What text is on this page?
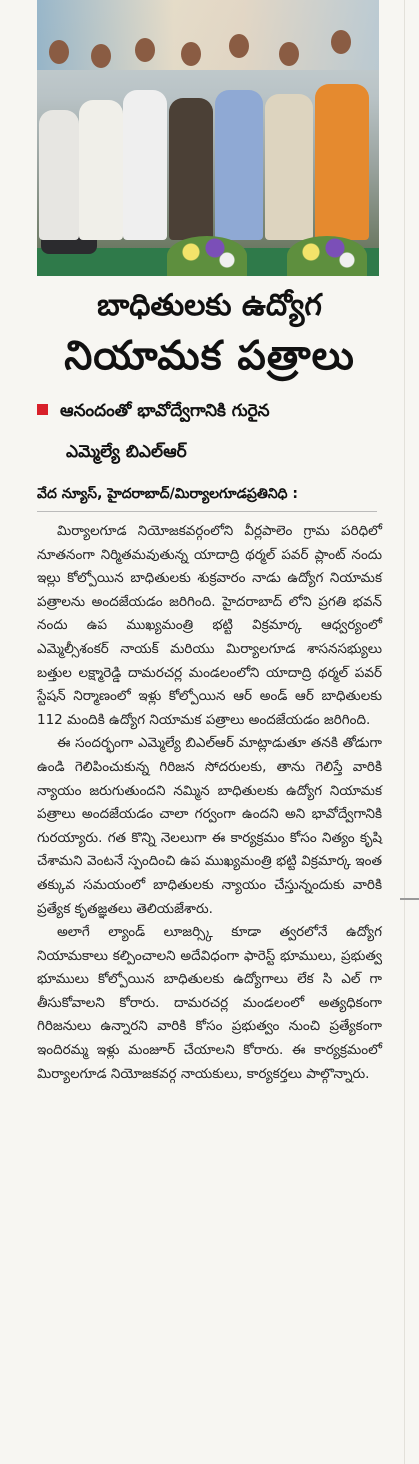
బాధితులకు ఉద్యోగ
నియామక పత్రాలు
ఆనందంతో భావోద్వేగానికి గురైన
ఎమ్మెల్యే బిఎల్ఆర్
వేద న్యూస్, హైదరాబాద్/మిర్యాలగూడప్రతినిధి :

మిర్యాలగూడ నియోజకవర్గంలోని వీర్లపాలెం గ్రామ పరిధిలో నూతనంగా నిర్మితమవుతున్న యాదాద్రి థర్మల్ పవర్ ప్లాంట్ నందు ఇల్లు కోల్పోయిన బాధితులకు శుక్రవారం నాడు ఉద్యోగ నియామక పత్రాలను అందజేయడం జరిగింది. హైదరాబాద్ లోని ప్రగతి భవన్ నందు ఉప ముఖ్యమంత్రి భట్టి విక్రమార్క ఆధ్వర్యంలో ఎమ్మెల్సీశంకర్ నాయక్ మరియు మిర్యాలగూడ శాసనసభ్యులు బత్తుల లక్ష్మారెడ్డి దామరచర్ల మండలంలోని యాదాద్రి థర్మల్ పవర్ స్టేషన్ నిర్మాణంలో ఇళ్లు కోల్పోయిన ఆర్ అండ్ ఆర్ బాధితులకు 112 మందికి ఉద్యోగ నియామక పత్రాలు అందజేయడం జరిగింది.

ఈ సందర్భంగా ఎమ్మెల్యే బిఎల్ఆర్ మాట్లాడుతూ తనకి తోడుగా ఉండి గెలిపించుకున్న గిరిజన సోదరులకు, తాను గెలిస్తే వారికి న్యాయం జరుగుతుందని నమ్మిన బాధితులకు ఉద్యోగ నియామక పత్రాలు అందజేయడం చాలా గర్వంగా ఉందని అని భావోద్వేగానికి గురయ్యారు. గత కొన్ని నెలలుగా ఈ కార్యక్రమం కోసం నిత్యం కృషి చేశామని వెంటనే స్పందించి ఉప ముఖ్యమంత్రి భట్టి విక్రమార్క ఇంత తక్కువ సమయంలో బాధితులకు న్యాయం చేస్తున్నందుకు వారికి ప్రత్యేక కృతజ్ఞతలు తెలియజేశారు.

అలాగే ల్యాండ్ లూజర్స్కి కూడా త్వరలోనే ఉద్యోగ నియామకాలు కల్పించాలని అదేవిధంగా ఫారెస్ట్ భూములు, ప్రభుత్వ భూములు కోల్పోయిన బాధితులకు ఉద్యోగాలు లేక సి ఎల్ గా తీసుకోవాలని కోరారు. దామరచర్ల మండలంలో అత్యధికంగా గిరిజనులు ఉన్నారని వారికి కోసం ప్రభుత్వం నుంచి ప్రత్యేకంగా ఇందిరమ్మ ఇళ్లు మంజూర్ చేయాలని కోరారు. ఈ కార్యక్రమంలో మిర్యాలగూడ నియోజకవర్గ నాయకులు, కార్యకర్తలు పాల్గొన్నారు.
